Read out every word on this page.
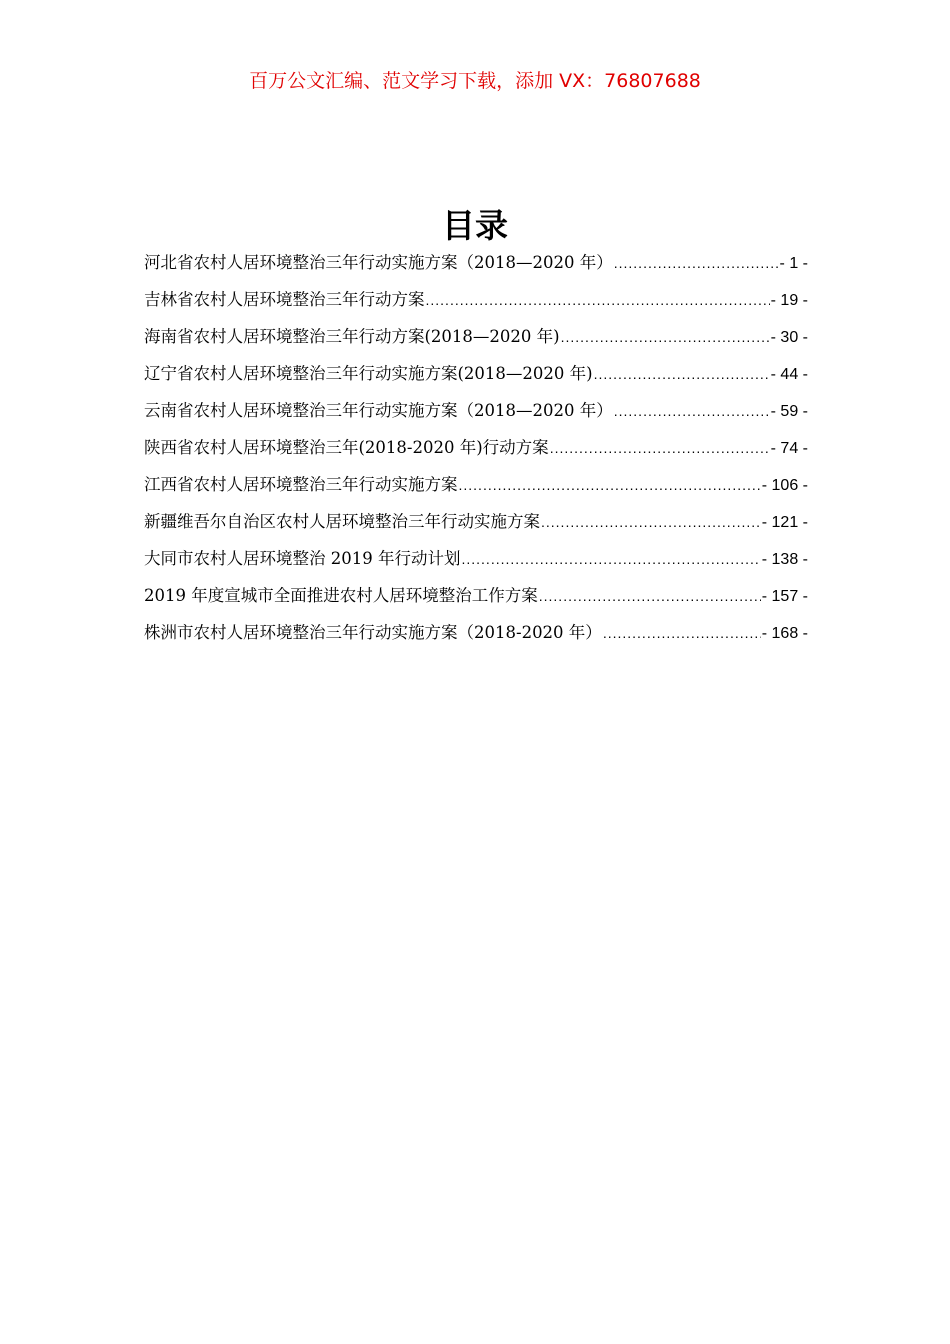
百万公文汇编、范文学习下载，添加 VX：76807688
目录
河北省农村人居环境整治三年行动实施方案（2018—2020 年） .....	- 1 -
吉林省农村人居环境整治三年行动方案 .....	- 19 -
海南省农村人居环境整治三年行动方案(2018—2020 年) .....	- 30 -
辽宁省农村人居环境整治三年行动实施方案(2018—2020 年) .....	- 44 -
云南省农村人居环境整治三年行动实施方案（2018—2020 年） .....	- 59 -
陕西省农村人居环境整治三年(2018-2020 年)行动方案 .....	- 74 -
江西省农村人居环境整治三年行动实施方案 .....	- 106 -
新疆维吾尔自治区农村人居环境整治三年行动实施方案 .....	- 121 -
大同市农村人居环境整治 2019 年行动计划 .....	- 138 -
2019 年度宣城市全面推进农村人居环境整治工作方案 .....	- 157 -
株洲市农村人居环境整治三年行动实施方案（2018-2020 年） .....	- 168 -
